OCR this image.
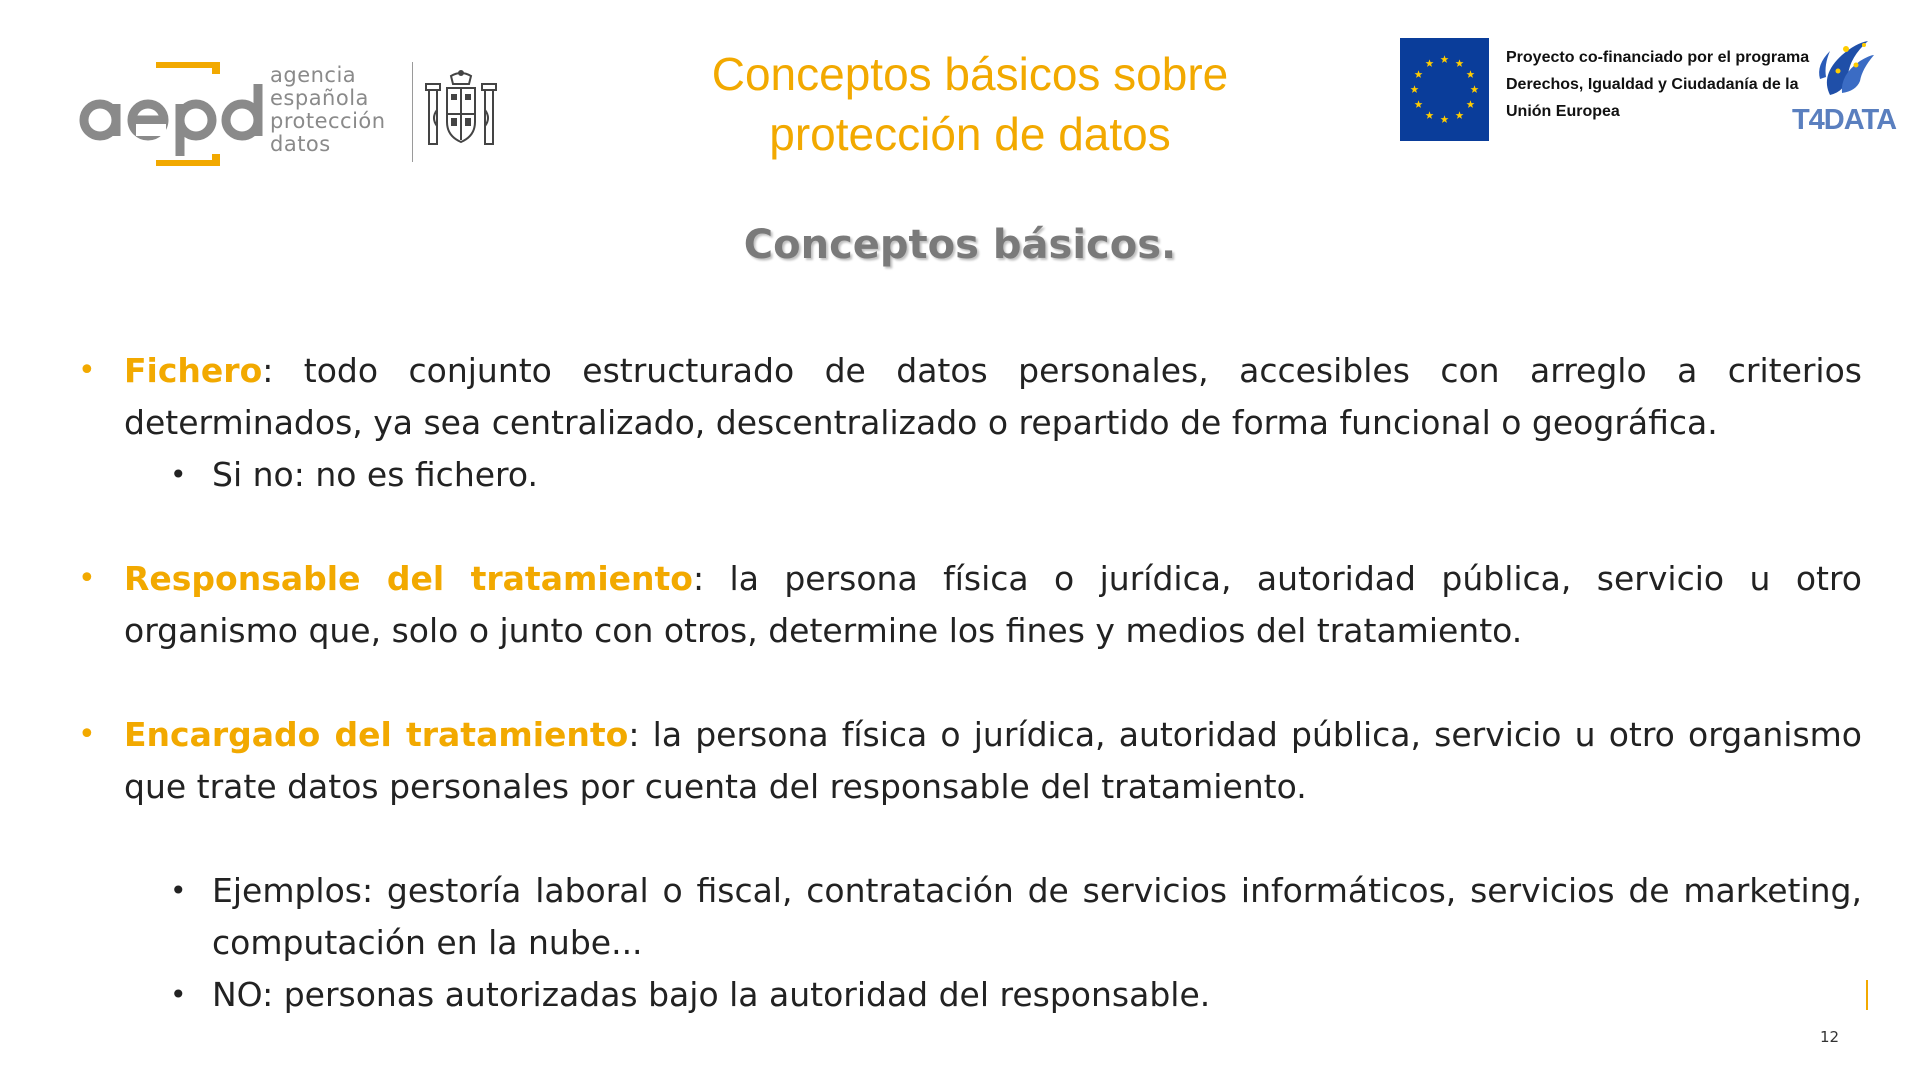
agencia
española
protección
datos
Conceptos básicos sobre
protección de datos
Proyecto co-financiado por el programa
Derechos, Igualdad y Ciudadanía de la
Unión Europea	T4DATA
Conceptos básicos.
• Fichero: todo conjunto estructurado de datos personales, accesibles con arreglo a criterios determinados, ya sea centralizado, descentralizado o repartido de forma funcional o geográfica.
• Si no: no es fichero.
• Responsable del tratamiento: la persona física o jurídica, autoridad pública, servicio u otro organismo que, solo o junto con otros, determine los fines y medios del tratamiento.
• Encargado del tratamiento: la persona física o jurídica, autoridad pública, servicio u otro organismo que trate datos personales por cuenta del responsable del tratamiento.
• Ejemplos: gestoría laboral o fiscal, contratación de servicios informáticos, servicios de marketing, computación en la nube...
• NO: personas autorizadas bajo la autoridad del responsable.
12
